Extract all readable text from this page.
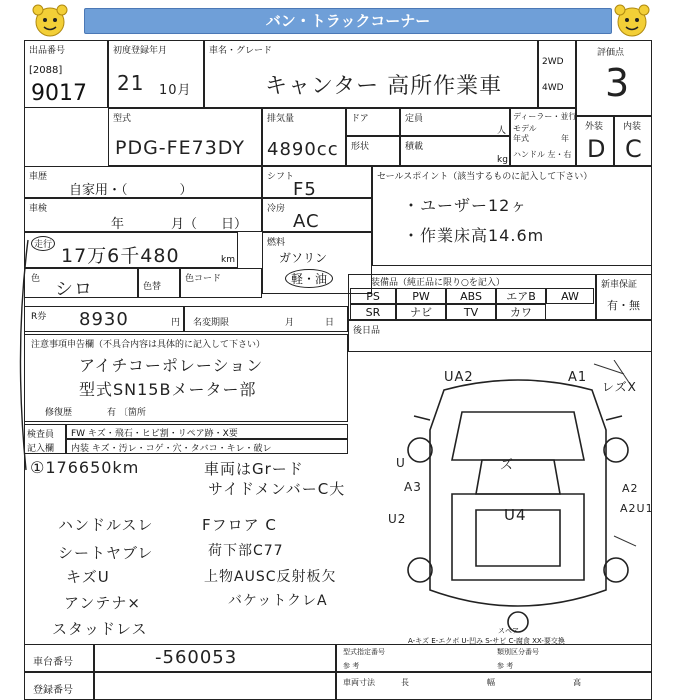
バン・トラックコーナー
出品番号
[2088]
9017
初度登録年月
21 10月
車名・グレード
キャンター 高所作業車
2WD
4WD
評価点
3
型式
PDG-FE73DY
排気量
4890cc
ドア	定員
人
形状	積載
kg
ディーラー・並行
モデル
年式	年
ハンドル 左・右
外装
D
内装
C
車歴
自家用・（　　　　）
シフト
F5
車検
年	月（ 日）
冷房
AC
走行 17万6千480	km
燃料
ガソリン
軽・油
色 シロ	色替
色コード
R券 8930	円 名変期限	月	日
注意事項申告欄（不具合内容は具体的に記入して下さい）
アイチコーポレーション
型式SN15Bメーター部
修復歴	有 〔箇所
検査員
記入欄
FW キズ・飛石・ヒビ割・リペア跡・X要
内装 キズ・汚レ・コゲ・穴・タバコ・キレ・破レ
①176650km	車両はGrード
サイドメンバーC大
ハンドルスレ	Fフロア C
シートヤブレ	荷下部C77
キズU	上物AUSC反射板欠
アンテナ×	バケットクレA
スタッドレス
セールスポイント（該当するものに記入して下さい）
・ユーザー12ヶ
・作業床高14.6m
装備品（純正品に限り○を記入）
PS	PW	ABS	エアB	AW
SR	ナビ	TV	カワ
新車保証
有・無
後日品
UA2	A1
レズX
U
A3
U2
ズ
U4
A2
A2U1
スペア
A-キズ E-エクボ U-凹み S-サビ C-腐食 XX-要交換
車台番号	-560053
登録番号
型式指定番号	類別区分番号
参 考	参 考
車両寸法	長	幅	高
